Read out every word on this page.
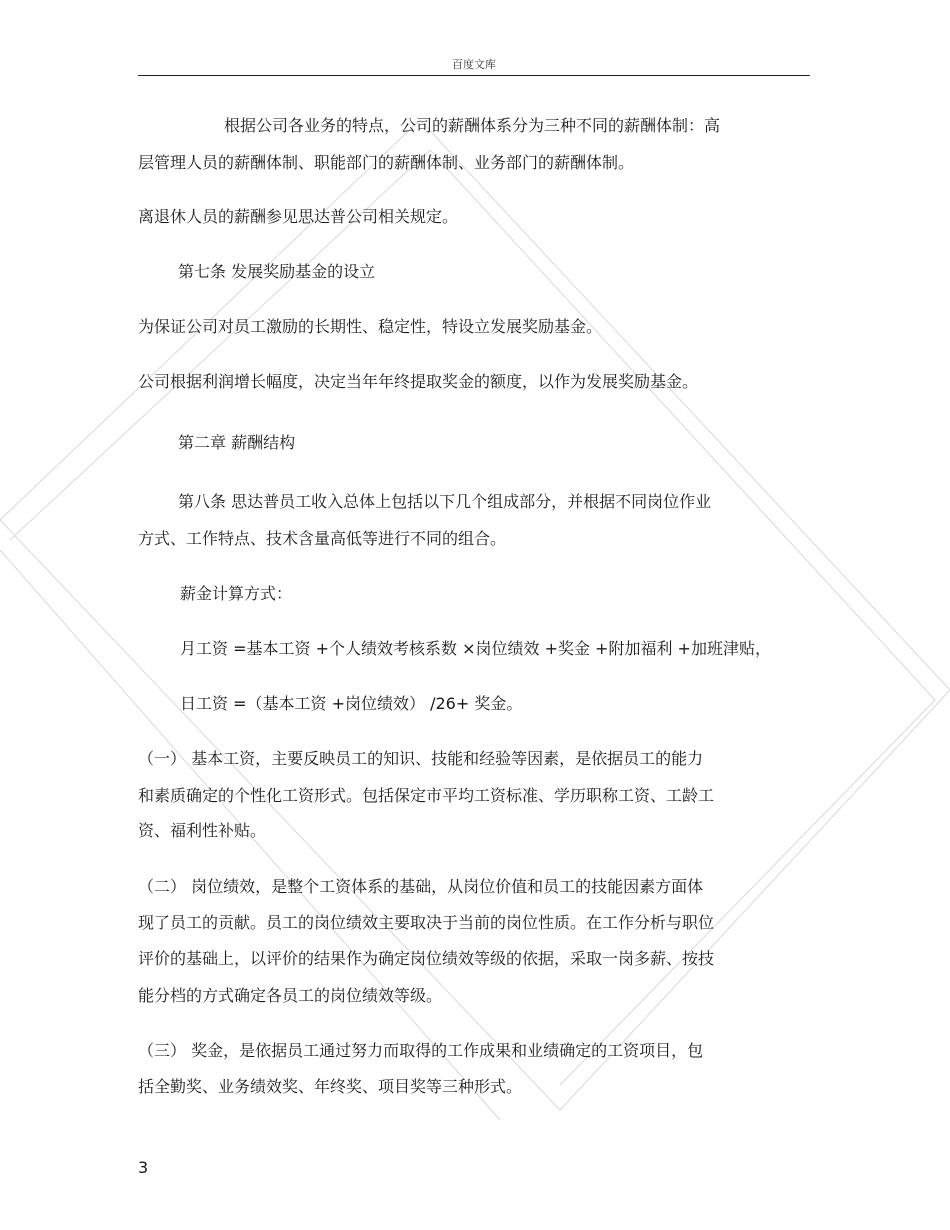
百度文库

根据公司各业务的特点，公司的薪酬体系分为三种不同的薪酬体制：高

层管理人员的薪酬体制、职能部门的薪酬体制、业务部门的薪酬体制。

离退休人员的薪酬参见思达普公司相关规定。

第七条 发展奖励基金的设立

为保证公司对员工激励的长期性、稳定性，特设立发展奖励基金。

公司根据利润增长幅度，决定当年年终提取奖金的额度，以作为发展奖励基金。

第二章 薪酬结构

第八条 思达普员工收入总体上包括以下几个组成部分，并根据不同岗位作业

方式、工作特点、技术含量高低等进行不同的组合。

薪金计算方式：

月工资 =基本工资 +个人绩效考核系数 ×岗位绩效 +奖金 +附加福利 +加班津贴，

日工资 =（基本工资 +岗位绩效） /26+ 奖金。

（一） 基本工资，主要反映员工的知识、技能和经验等因素，是依据员工的能力

和素质确定的个性化工资形式。包括保定市平均工资标准、学历职称工资、工龄工

资、福利性补贴。

（二） 岗位绩效，是整个工资体系的基础，从岗位价值和员工的技能因素方面体

现了员工的贡献。员工的岗位绩效主要取决于当前的岗位性质。在工作分析与职位

评价的基础上，以评价的结果作为确定岗位绩效等级的依据，采取一岗多薪、按技

能分档的方式确定各员工的岗位绩效等级。

（三） 奖金，是依据员工通过努力而取得的工作成果和业绩确定的工资项目，包

括全勤奖、业务绩效奖、年终奖、项目奖等三种形式。

3
